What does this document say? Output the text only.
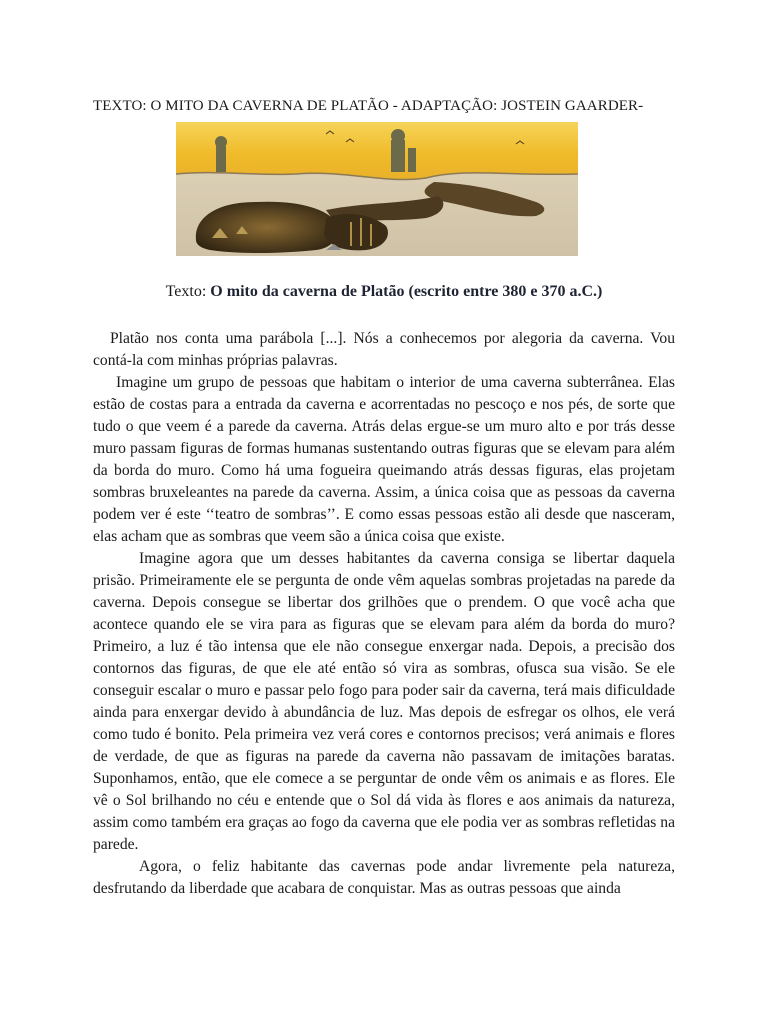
TEXTO: O MITO DA CAVERNA DE PLATÃO - ADAPTAÇÃO: JOSTEIN GAARDER-
Texto: O mito da caverna de Platão (escrito entre 380 e 370 a.C.)

Platão nos conta uma parábola [...]. Nós a conhecemos por alegoria da caverna. Vou contá-la com minhas próprias palavras.

Imagine um grupo de pessoas que habitam o interior de uma caverna subterrânea. Elas estão de costas para a entrada da caverna e acorrentadas no pescoço e nos pés, de sorte que tudo o que veem é a parede da caverna. Atrás delas ergue-se um muro alto e por trás desse muro passam figuras de formas humanas sustentando outras figuras que se elevam para além da borda do muro. Como há uma fogueira queimando atrás dessas figuras, elas projetam sombras bruxeleantes na parede da caverna. Assim, a única coisa que as pessoas da caverna podem ver é este ‘‘teatro de sombras’’. E como essas pessoas estão ali desde que nasceram, elas acham que as sombras que veem são a única coisa que existe.

Imagine agora que um desses habitantes da caverna consiga se libertar daquela prisão. Primeiramente ele se pergunta de onde vêm aquelas sombras projetadas na parede da caverna. Depois consegue se libertar dos grilhões que o prendem. O que você acha que acontece quando ele se vira para as figuras que se elevam para além da borda do muro? Primeiro, a luz é tão intensa que ele não consegue enxergar nada. Depois, a precisão dos contornos das figuras, de que ele até então só vira as sombras, ofusca sua visão. Se ele conseguir escalar o muro e passar pelo fogo para poder sair da caverna, terá mais dificuldade ainda para enxergar devido à abundância de luz. Mas depois de esfregar os olhos, ele verá como tudo é bonito. Pela primeira vez verá cores e contornos precisos; verá animais e flores de verdade, de que as figuras na parede da caverna não passavam de imitações baratas. Suponhamos, então, que ele comece a se perguntar de onde vêm os animais e as flores. Ele vê o Sol brilhando no céu e entende que o Sol dá vida às flores e aos animais da natureza, assim como também era graças ao fogo da caverna que ele podia ver as sombras refletidas na parede.

Agora, o feliz habitante das cavernas pode andar livremente pela natureza, desfrutando da liberdade que acabara de conquistar. Mas as outras pessoas que ainda
